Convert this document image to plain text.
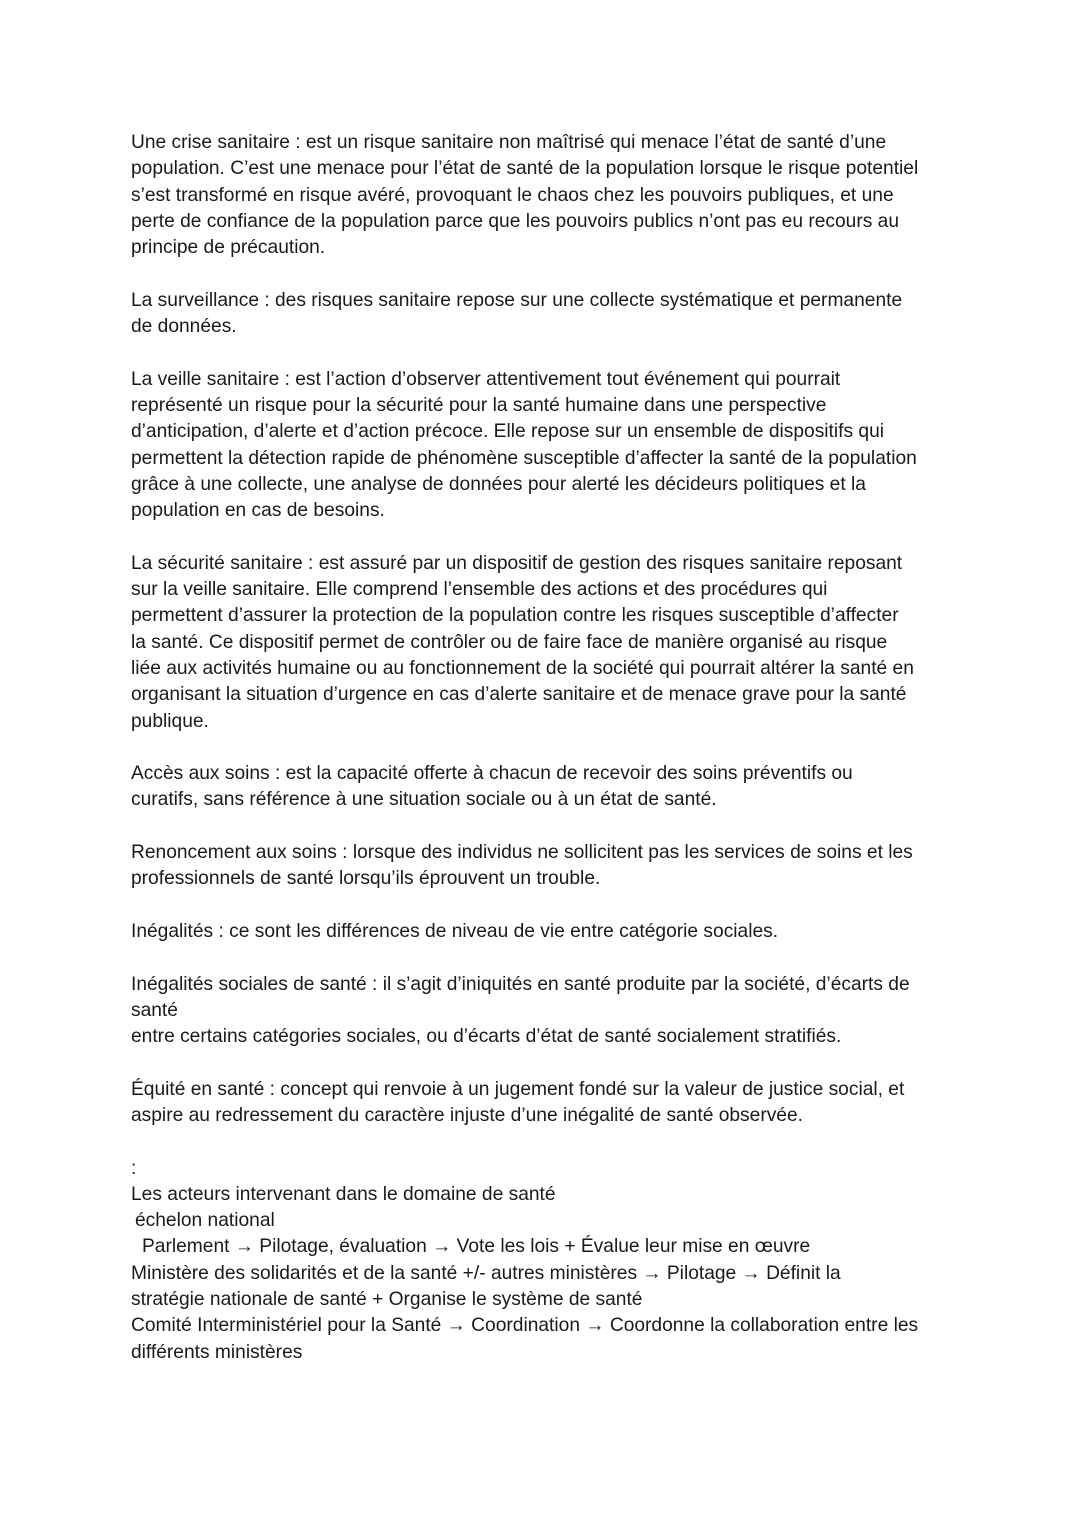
Une crise sanitaire : est un risque sanitaire non maîtrisé qui menace l’état de santé d’une
population. C’est une menace pour l’état de santé de la population lorsque le risque potentiel
s’est transformé en risque avéré, provoquant le chaos chez les pouvoirs publiques, et une
perte de confiance de la population parce que les pouvoirs publics n’ont pas eu recours au
principe de précaution.

La surveillance : des risques sanitaire repose sur une collecte systématique et permanente
de données.

La veille sanitaire : est l’action d’observer attentivement tout événement qui pourrait
représenté un risque pour la sécurité pour la santé humaine dans une perspective
d’anticipation, d’alerte et d’action précoce. Elle repose sur un ensemble de dispositifs qui
permettent la détection rapide de phénomène susceptible d’affecter la santé de la population
grâce à une collecte, une analyse de données pour alerté les décideurs politiques et la
population en cas de besoins.

La sécurité sanitaire : est assuré par un dispositif de gestion des risques sanitaire reposant
sur la veille sanitaire. Elle comprend l’ensemble des actions et des procédures qui
permettent d’assurer la protection de la population contre les risques susceptible d’affecter
la santé. Ce dispositif permet de contrôler ou de faire face de manière organisé au risque
liée aux activités humaine ou au fonctionnement de la société qui pourrait altérer la santé en
organisant la situation d’urgence en cas d’alerte sanitaire et de menace grave pour la santé
publique.

Accès aux soins : est la capacité offerte à chacun de recevoir des soins préventifs ou
curatifs, sans référence à une situation sociale ou à un état de santé.

Renoncement aux soins : lorsque des individus ne sollicitent pas les services de soins et les
professionnels de santé lorsqu’ils éprouvent un trouble.

Inégalités : ce sont les différences de niveau de vie entre catégorie sociales.

Inégalités sociales de santé : il s’agit d’iniquités en santé produite par la société, d’écarts de
santé
entre certains catégories sociales, ou d’écarts d’état de santé socialement stratifiés.

Équité en santé : concept qui renvoie à un jugement fondé sur la valeur de justice social, et
aspire au redressement du caractère injuste d’une inégalité de santé observée.

:
Les acteurs intervenant dans le domaine de santé
échelon national
Parlement → Pilotage, évaluation → Vote les lois + Évalue leur mise en œuvre
Ministère des solidarités et de la santé +/- autres ministères → Pilotage → Définit la
stratégie nationale de santé + Organise le système de santé
Comité Interministériel pour la Santé → Coordination → Coordonne la collaboration entre les
différents ministères
